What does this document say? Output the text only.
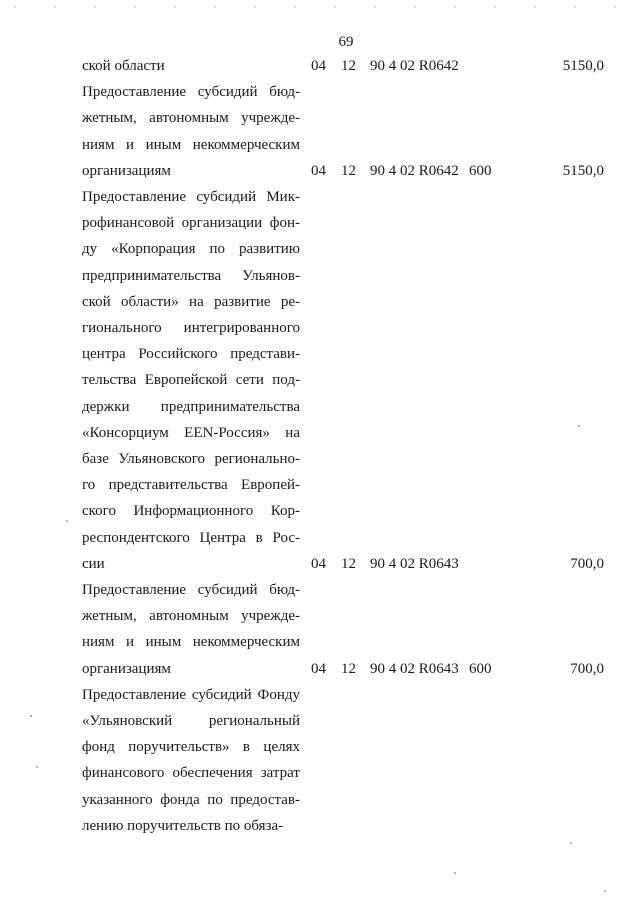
69
ской области	04 12 90 4 02 R0642	5150,0
Предоставление субсидий бюд-
жетным, автономным учрежде-
ниям и иным некоммерческим
организациям	04 12 90 4 02 R0642 600	5150,0
Предоставление субсидий Мик-
рофинансовой организации фон-
ду «Корпорация по развитию
предпринимательства Ульянов-
ской области» на развитие ре-
гионального интегрированного
центра Российского представи-
тельства Европейской сети под-
держки предпринимательства
«Консорциум EEN-Россия» на
базе Ульяновского регионально-
го представительства Европей-
ского Информационного Кор-
респондентского Центра в Рос-
сии	04 12 90 4 02 R0643	700,0
Предоставление субсидий бюд-
жетным, автономным учрежде-
ниям и иным некоммерческим
организациям	04 12 90 4 02 R0643 600	700,0
Предоставление субсидий Фонду
«Ульяновский региональный
фонд поручительств» в целях
финансового обеспечения затрат
указанного фонда по предостав-
лению поручительств по обяза-
